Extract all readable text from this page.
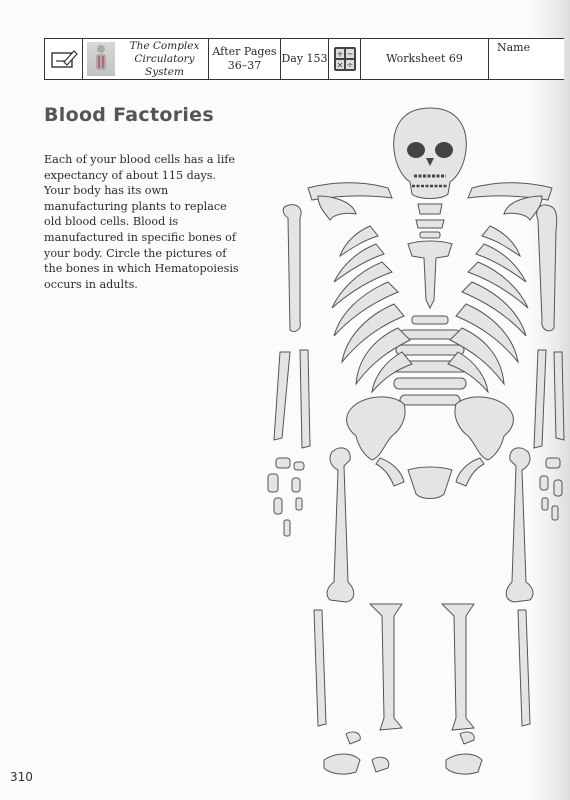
The Complex
Circulatory System
After Pages
36–37
Day 153 + −
× ÷	Worksheet 69
Name
Blood Factories
Each of your blood cells has a life expectancy of about 115 days. Your body has its own manufacturing plants to replace old blood cells. Blood is manufactured in specific bones of your body. Circle the pictures of the bones in which Hematopoiesis occurs in adults.
310
